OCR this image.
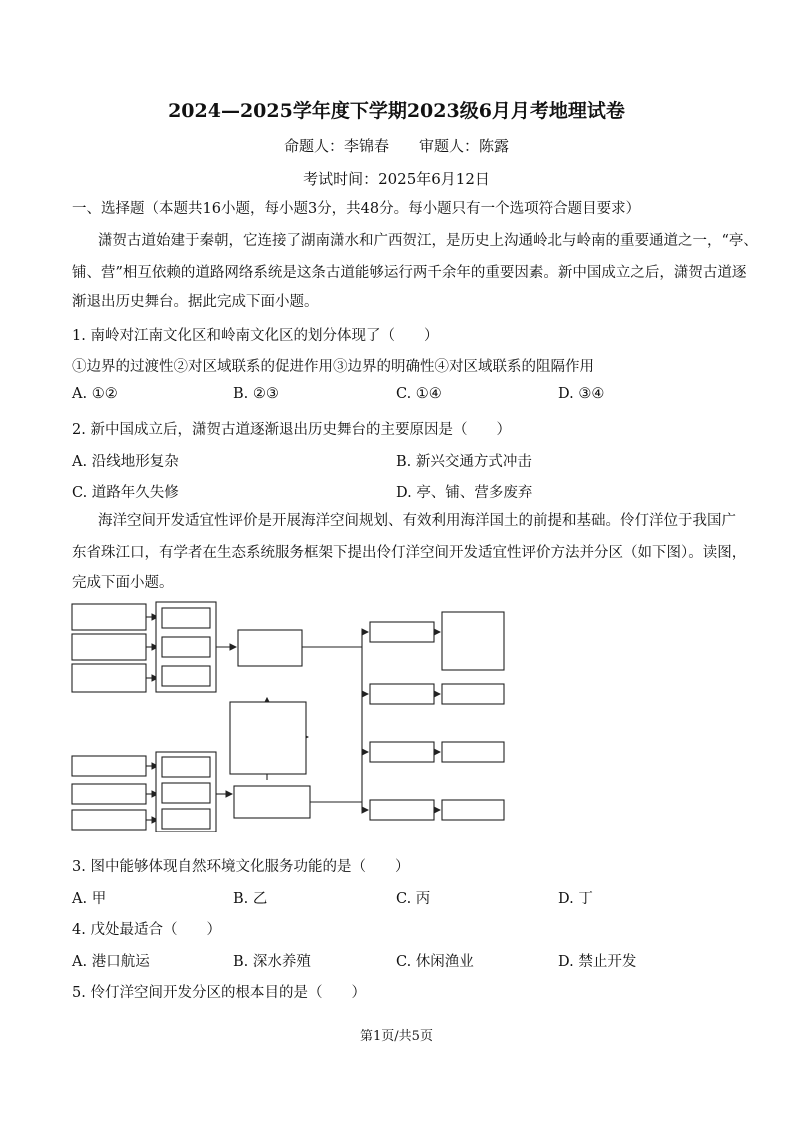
2024—2025学年度下学期2023级6月月考地理试卷
命题人：李锦春　　审题人：陈露
考试时间：2025年6月12日
一、选择题（本题共16小题，每小题3分，共48分。每小题只有一个选项符合题目要求）
潇贺古道始建于秦朝，它连接了湖南潇水和广西贺江，是历史上沟通岭北与岭南的重要通道之一，“亭、
铺、营”相互依赖的道路网络系统是这条古道能够运行两千余年的重要因素。新中国成立之后，潇贺古道逐
渐退出历史舞台。据此完成下面小题。
1. 南岭对江南文化区和岭南文化区的划分体现了（　　）
①边界的过渡性②对区域联系的促进作用③边界的明确性④对区域联系的阻隔作用
A. ①②	B. ②③	C. ①④	D. ③④
2. 新中国成立后，潇贺古道逐渐退出历史舞台的主要原因是（　　）
A. 沿线地形复杂	B. 新兴交通方式冲击
C. 道路年久失修	D. 亭、铺、营多废弃
海洋空间开发适宜性评价是开展海洋空间规划、有效利用海洋国土的前提和基础。伶仃洋位于我国广
东省珠江口，有学者在生态系统服务框架下提出伶仃洋空间开发适宜性评价方法并分区（如下图）。读图，
完成下面小题。
3. 图中能够体现自然环境文化服务功能的是（　　）
A. 甲	B. 乙	C. 丙	D. 丁
4. 戊处最适合（　　）
A. 港口航运	B. 深水养殖	C. 休闲渔业	D. 禁止开发
5. 伶仃洋空间开发分区的根本目的是（　　）
第1页/共5页
